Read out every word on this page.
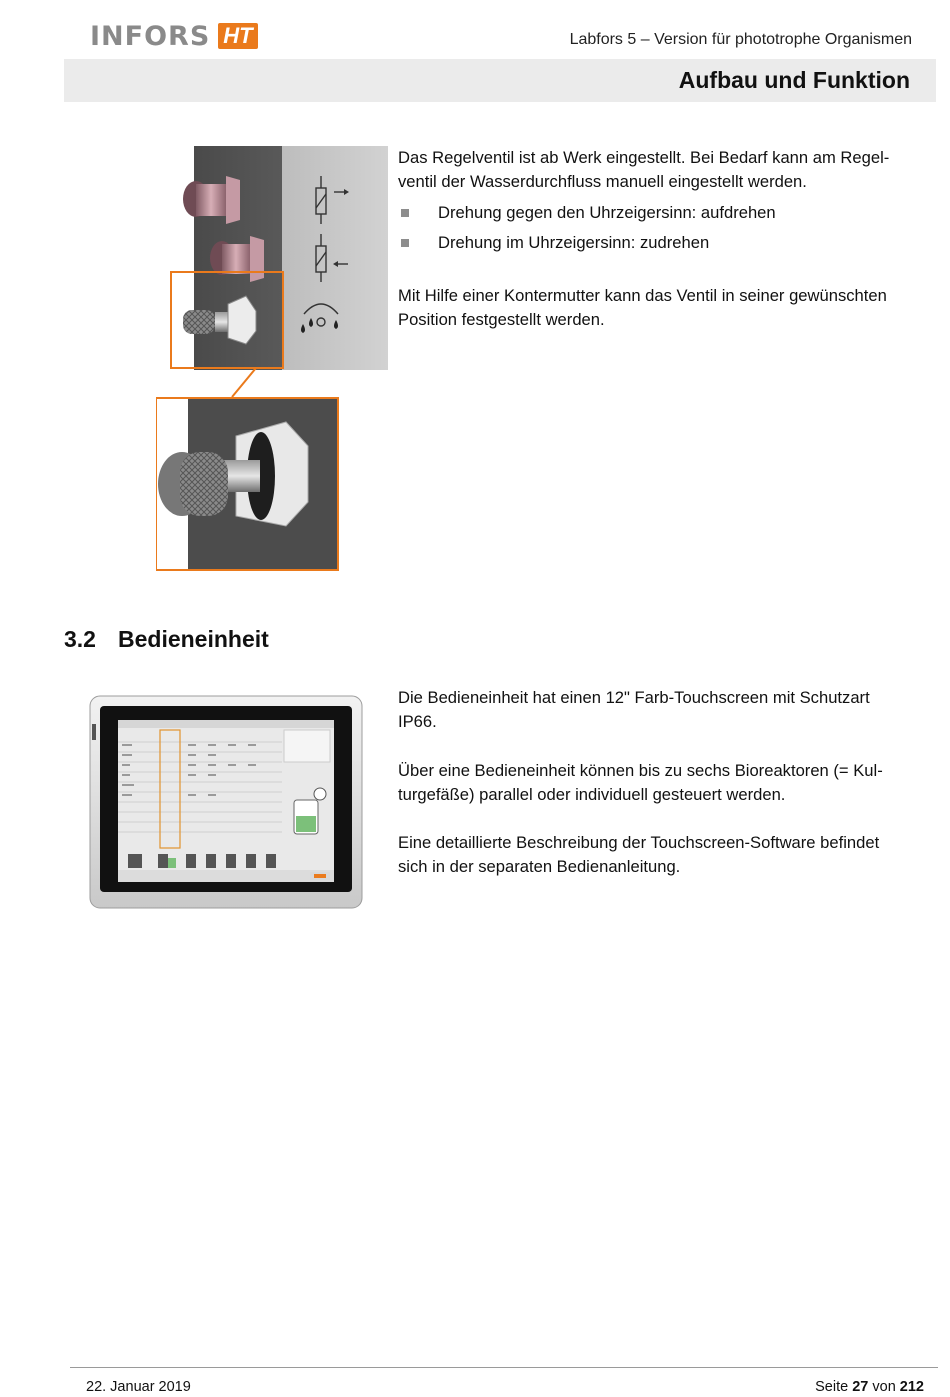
INFORS HT	Labfors 5 – Version für phototrophe Organismen
Aufbau und Funktion

Das Regelventil ist ab Werk eingestellt. Bei Bedarf kann am Regel-

ventil der Wasserdurchfluss manuell eingestellt werden.

Drehung gegen den Uhrzeigersinn: aufdrehen
Drehung im Uhrzeigersinn: zudrehen

Mit Hilfe einer Kontermutter kann das Ventil in seiner gewünschten

Position festgestellt werden.

3.2 Bedieneinheit

Die Bedieneinheit hat einen 12" Farb-Touchscreen mit Schutzart

IP66.

Über eine Bedieneinheit können bis zu sechs Bioreaktoren (= Kul-

turgefäße) parallel oder individuell gesteuert werden.

Eine detaillierte Beschreibung der Touchscreen-Software befindet

sich in der separaten Bedienanleitung.

22. Januar 2019	Seite 27 von 212
